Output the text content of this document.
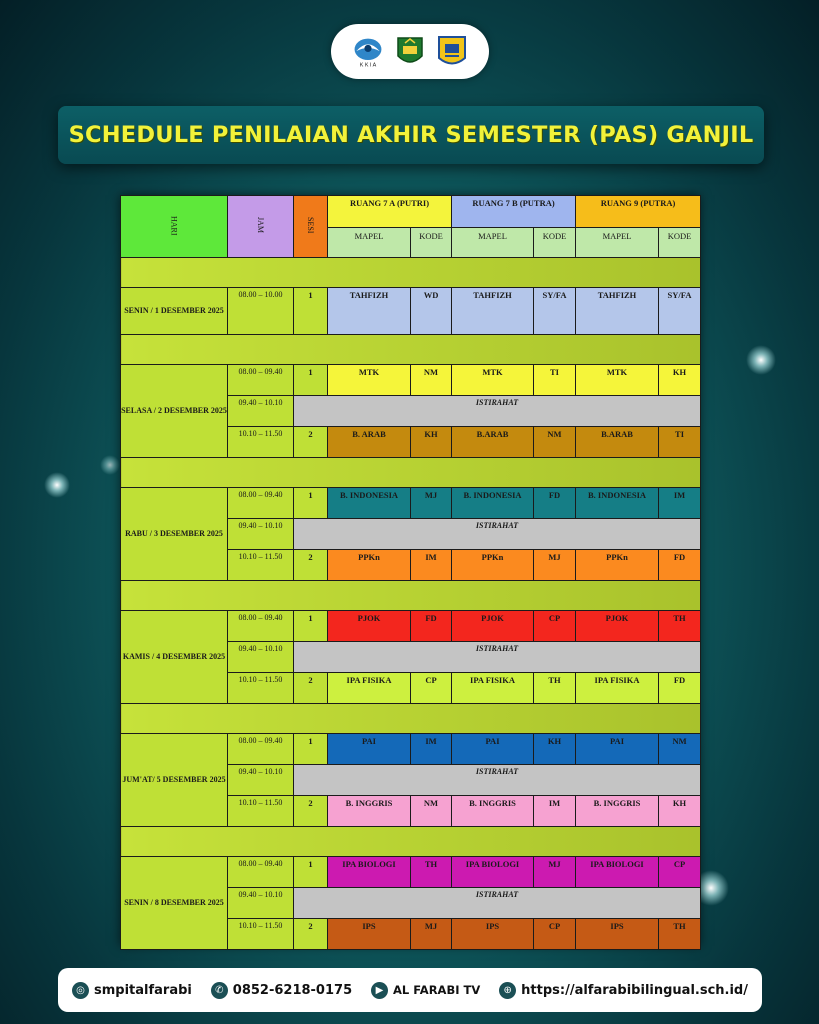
K K I A
SCHEDULE PENILAIAN AKHIR SEMESTER (PAS) GANJIL
HARI	JAM	SESI	RUANG 7 A (PUTRI)		RUANG 7 B (PUTRA)		RUANG 9 (PUTRA)	
			MAPEL	KODE	MAPEL	KODE	MAPEL	KODE

SENIN / 1 DESEMBER 2025	08.00 – 10.00	1	TAHFIZH	WD	TAHFIZH	SY/FA	TAHFIZH	SY/FA

SELASA / 2 DESEMBER 2025	08.00 – 09.40	1	MTK	NM	MTK	TI	MTK	KH
	09.40 – 10.10	ISTIRAHAT						
	10.10 – 11.50	2	B. ARAB	KH	B.ARAB	NM	B.ARAB	TI

RABU / 3 DESEMBER 2025	08.00 – 09.40	1	B. INDONESIA	MJ	B. INDONESIA	FD	B. INDONESIA	IM
	09.40 – 10.10	ISTIRAHAT						
	10.10 – 11.50	2	PPKn	IM	PPKn	MJ	PPKn	FD

KAMIS / 4 DESEMBER 2025	08.00 – 09.40	1	PJOK	FD	PJOK	CP	PJOK	TH
	09.40 – 10.10	ISTIRAHAT						
	10.10 – 11.50	2	IPA FISIKA	CP	IPA FISIKA	TH	IPA FISIKA	FD

JUM'AT/ 5 DESEMBER 2025	08.00 – 09.40	1	PAI	IM	PAI	KH	PAI	NM
	09.40 – 10.10	ISTIRAHAT						
	10.10 – 11.50	2	B. INGGRIS	NM	B. INGGRIS	IM	B. INGGRIS	KH

SENIN / 8 DESEMBER 2025	08.00 – 09.40	1	IPA BIOLOGI	TH	IPA BIOLOGI	MJ	IPA BIOLOGI	CP
	09.40 – 10.10	ISTIRAHAT						
	10.10 – 11.50	2	IPS	MJ	IPS	CP	IPS	TH
◎ smpitalfarabi	✆ 0852-6218-0175	▶ AL FARABI TV	⊕ https://alfarabibilingual.sch.id/
